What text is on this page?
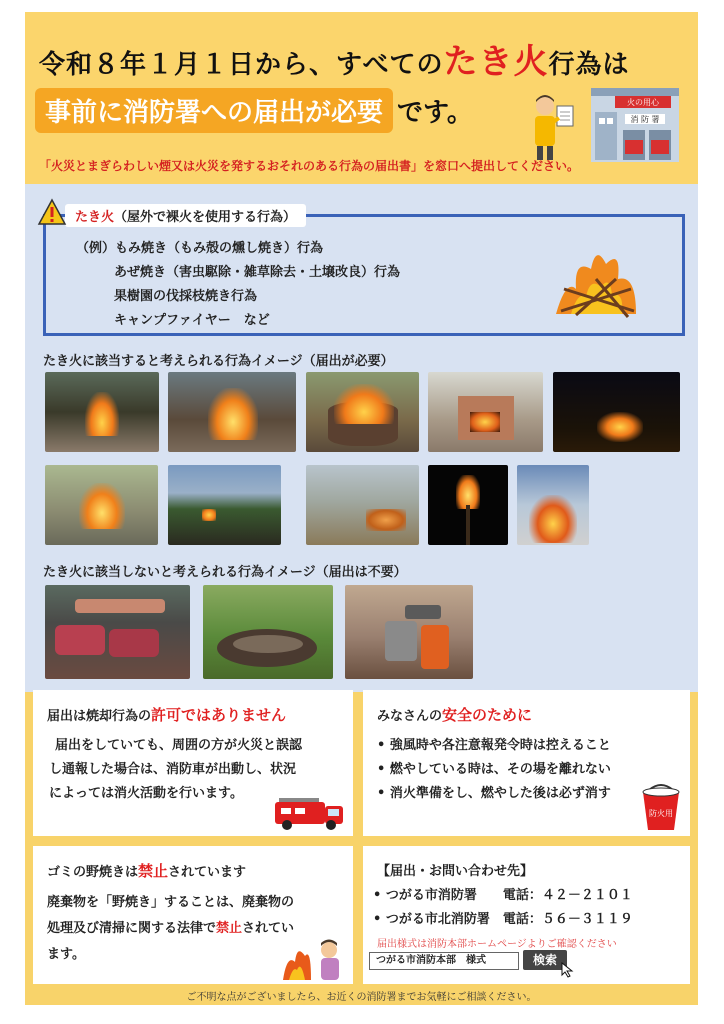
令和８年１月１日から、すべてのたき火行為は
事前に消防署への届出が必要 です。	火の用心
消 防 署
「火災とまぎらわしい煙又は火災を発するおそれのある行為の届出書」を窓口へ提出してください。
たき火（屋外で裸火を使用する行為）
（例）もみ焼き（もみ殻の燻し焼き）行為
あぜ焼き（害虫駆除・雑草除去・土壌改良）行為
果樹園の伐採枝焼き行為
キャンプファイヤー　など
たき火に該当すると考えられる行為イメージ（届出が必要）
たき火に該当しないと考えられる行為イメージ（届出は不要）
届出は焼却行為の許可ではありません
届出をしていても、周囲の方が火災と誤認
し通報した場合は、消防車が出動し、状況
によっては消火活動を行います。
みなさんの安全のために
• 強風時や各注意報発令時は控えること
• 燃やしている時は、その場を離れない
• 消火準備をし、燃やした後は必ず消す
防火用
ゴミの野焼きは禁止されています
廃棄物を「野焼き」することは、廃棄物の
処理及び清掃に関する法律で禁止されてい
ます。
【届出・お問い合わせ先】
• つがる市消防署　　電話：４２－２１０１
• つがる市北消防署　電話：５６－３１１９
届出様式は消防本部ホームページよりご確認ください
つがる市消防本部　様式	検索
ご不明な点がございましたら、お近くの消防署までお気軽にご相談ください。
